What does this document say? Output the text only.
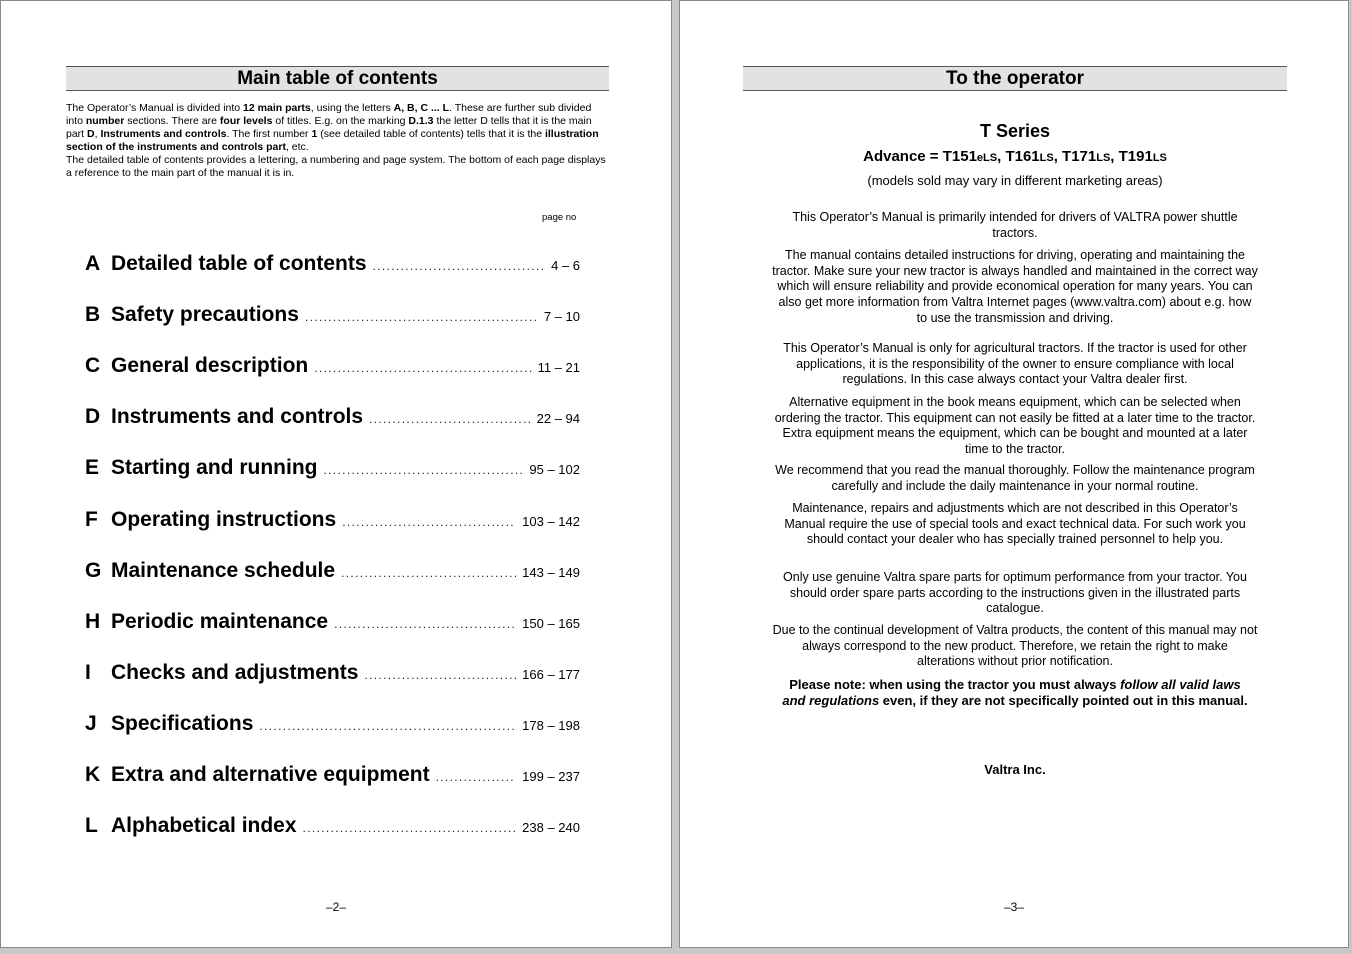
Main table of contents

The Operator’s Manual is divided into 12 main parts, using the letters A, B, C ... L. These are further sub divided into number sections. There are four levels of titles. E.g. on the marking D.1.3 the letter D tells that it is the main part D, Instruments and controls. The first number 1 (see detailed table of contents) tells that it is the illustration section of the instruments and controls part, etc.
The detailed table of contents provides a lettering, a numbering and page system. The bottom of each page displays a reference to the main part of the manual it is in.

page no
A Detailed table of contents . . .	4 – 6
B Safety precautions . . .	7 – 10
C General description . . .	11 – 21
D Instruments and controls . . .	22 – 94
E Starting and running . . .	95 – 102
F Operating instructions . . .	103 – 142
G Maintenance schedule . . .	143 – 149
H Periodic maintenance . . .	150 – 165
I Checks and adjustments . . .	166 – 177
J Specifications . . .	178 – 198
K Extra and alternative equipment . . .	199 – 237
L Alphabetical index . . .	238 – 240
–2–
To the operator

T Series

Advance = T151eLS, T161LS, T171LS, T191LS

(models sold may vary in different marketing areas)

This Operator’s Manual is primarily intended for drivers of VALTRA power shuttle tractors.

The manual contains detailed instructions for driving, operating and maintaining the tractor. Make sure your new tractor is always handled and maintained in the correct way which will ensure reliability and provide economical operation for many years. You can also get more information from Valtra Internet pages (www.valtra.com) about e.g. how to use the transmission and driving.

This Operator’s Manual is only for agricultural tractors. If the tractor is used for other applications, it is the responsibility of the owner to ensure compliance with local regulations. In this case always contact your Valtra dealer first.

Alternative equipment in the book means equipment, which can be selected when ordering the tractor. This equipment can not easily be fitted at a later time to the tractor. Extra equipment means the equipment, which can be bought and mounted at a later time to the tractor.

We recommend that you read the manual thoroughly. Follow the maintenance program carefully and include the daily maintenance in your normal routine.

Maintenance, repairs and adjustments which are not described in this Operator’s Manual require the use of special tools and exact technical data. For such work you should contact your dealer who has specially trained personnel to help you.

Only use genuine Valtra spare parts for optimum performance from your tractor. You should order spare parts according to the instructions given in the illustrated parts catalogue.

Due to the continual development of Valtra products, the content of this manual may not always correspond to the new product. Therefore, we retain the right to make alterations without prior notification.

Please note: when using the tractor you must always follow all valid laws and regulations even, if they are not specifically pointed out in this manual.

Valtra Inc.

–3–
